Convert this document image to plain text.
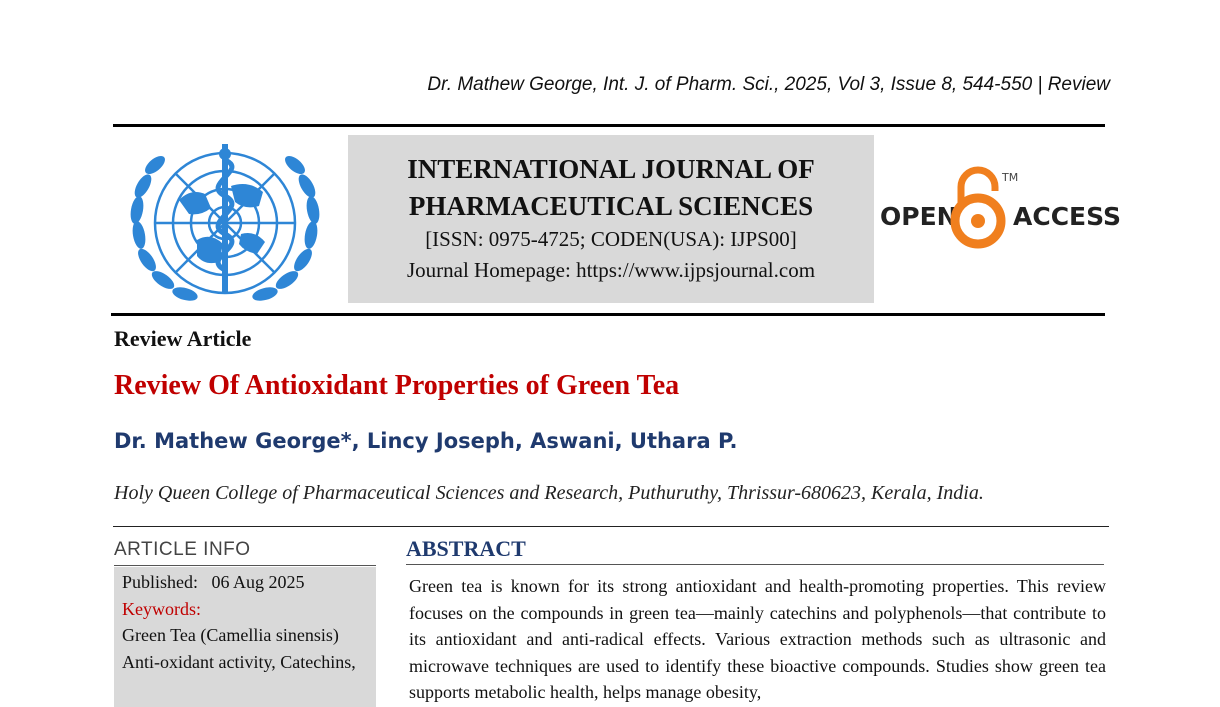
Dr. Mathew George, Int. J. of Pharm. Sci., 2025, Vol 3, Issue 8, 544-550 | Review
INTERNATIONAL JOURNAL OF
PHARMACEUTICAL SCIENCES
[ISSN: 0975-4725; CODEN(USA): IJPS00]
Journal Homepage: https://www.ijpsjournal.com
OPEN ACCESS
TM
Review Article
Review Of Antioxidant Properties of Green Tea
Dr. Mathew George*, Lincy Joseph, Aswani, Uthara P.
Holy Queen College of Pharmaceutical Sciences and Research, Puthuruthy, Thrissur-680623, Kerala, India.
ARTICLE INFO
Published: 06 Aug 2025
Keywords:
Green Tea (Camellia sinensis) Anti-oxidant activity, Catechins,
ABSTRACT
Green tea is known for its strong antioxidant and health-promoting properties. This review focuses on the compounds in green tea—mainly catechins and polyphenols—that contribute to its antioxidant and anti-radical effects. Various extraction methods such as ultrasonic and microwave techniques are used to identify these bioactive compounds. Studies show green tea supports metabolic health, helps manage obesity,
